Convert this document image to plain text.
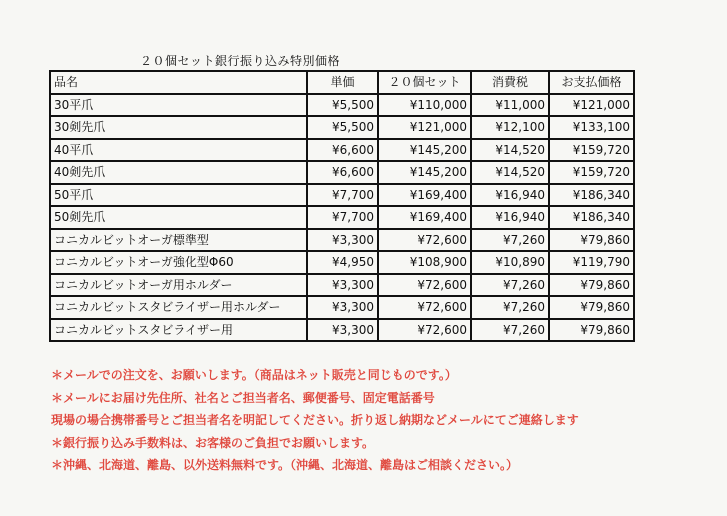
２０個セット銀行振り込み特別価格
品名	単価	２０個セット	消費税	お支払価格
30平爪	¥5,500	¥110,000	¥11,000	¥121,000
30剣先爪	¥5,500	¥121,000	¥12,100	¥133,100
40平爪	¥6,600	¥145,200	¥14,520	¥159,720
40剣先爪	¥6,600	¥145,200	¥14,520	¥159,720
50平爪	¥7,700	¥169,400	¥16,940	¥186,340
50剣先爪	¥7,700	¥169,400	¥16,940	¥186,340
コニカルビットオーガ標準型	¥3,300	¥72,600	¥7,260	¥79,860
コニカルビットオーガ強化型Φ60	¥4,950	¥108,900	¥10,890	¥119,790
コニカルビットオーガ用ホルダー	¥3,300	¥72,600	¥7,260	¥79,860
コニカルビットスタビライザー用ホルダー	¥3,300	¥72,600	¥7,260	¥79,860
コニカルビットスタビライザー用	¥3,300	¥72,600	¥7,260	¥79,860
＊メールでの注文を、お願いします。（商品はネット販売と同じものです。）
＊メールにお届け先住所、社名とご担当者名、郵便番号、固定電話番号
現場の場合携帯番号とご担当者名を明記してください。折り返し納期などメールにてご連絡します
＊銀行振り込み手数料は、お客様のご負担でお願いします。
＊沖縄、北海道、離島、以外送料無料です。（沖縄、北海道、離島はご相談ください。）
